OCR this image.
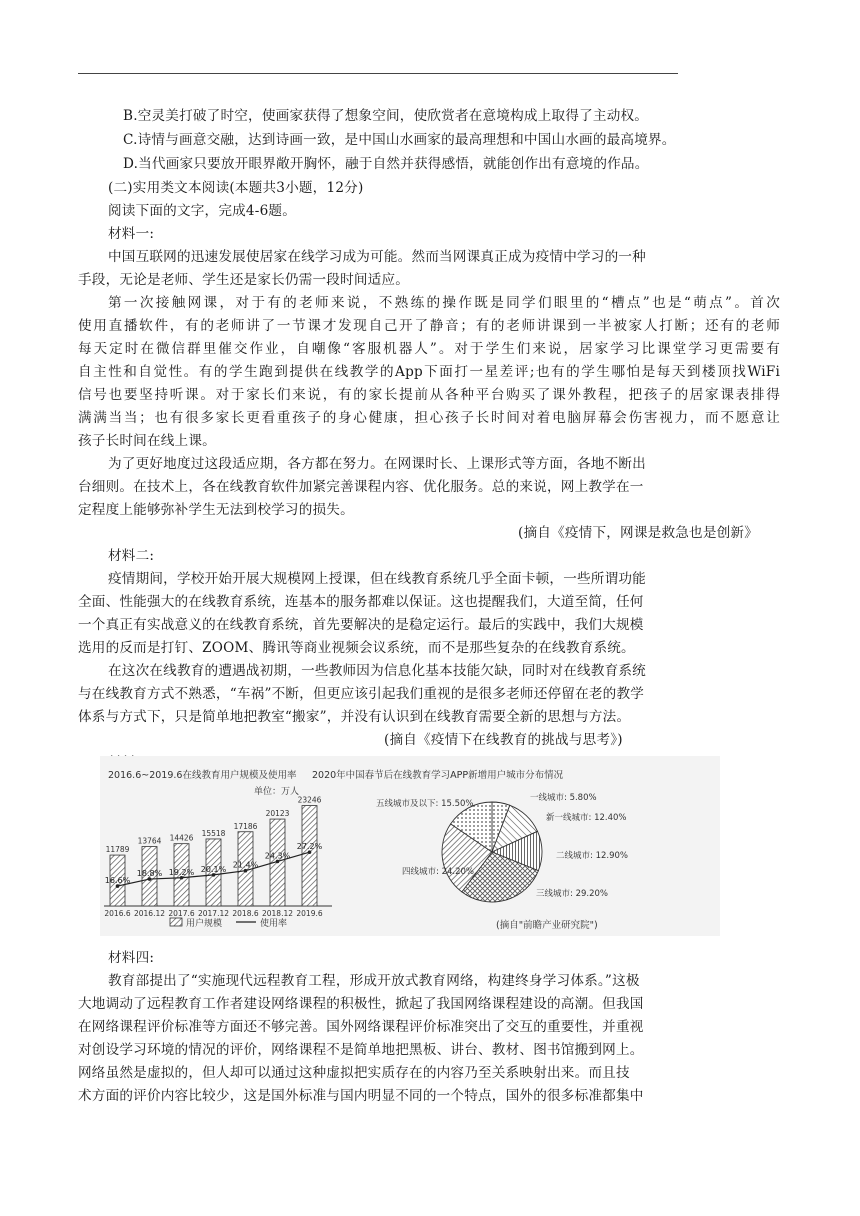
B.空灵美打破了时空，使画家获得了想象空间，使欣赏者在意境构成上取得了主动权。
C.诗情与画意交融，达到诗画一致，是中国山水画家的最高理想和中国山水画的最高境界。
D.当代画家只要放开眼界敞开胸怀，融于自然并获得感悟，就能创作出有意境的作品。
(二)实用类文本阅读(本题共3小题，12分)
阅读下面的文字，完成4-6题。
材料一:
中国互联网的迅速发展使居家在线学习成为可能。然而当网课真正成为疫情中学习的一种
手段，无论是老师、学生还是家长仍需一段时间适应。
第一次接触网课，对于有的老师来说，不熟练的操作既是同学们眼里的“槽点”也是“萌点”。首次
使用直播软件，有的老师讲了一节课才发现自己开了静音；有的老师讲课到一半被家人打断；还有的老师
每天定时在微信群里催交作业，自嘲像“客服机器人”。对于学生们来说，居家学习比课堂学习更需要有
自主性和自觉性。有的学生跑到提供在线教学的App下面打一星差评;也有的学生哪怕是每天到楼顶找WiFi
信号也要坚持听课。对于家长们来说，有的家长提前从各种平台购买了课外教程，把孩子的居家课表排得
满满当当；也有很多家长更看重孩子的身心健康，担心孩子长时间对着电脑屏幕会伤害视力，而不愿意让
孩子长时间在线上课。
为了更好地度过这段适应期，各方都在努力。在网课时长、上课形式等方面，各地不断出
台细则。在技术上，各在线教育软件加紧完善课程内容、优化服务。总的来说，网上教学在一
定程度上能够弥补学生无法到校学习的损失。
(摘自《疫情下，网课是救急也是创新》
材料二:
疫情期间，学校开始开展大规模网上授课，但在线教育系统几乎全面卡顿，一些所谓功能
全面、性能强大的在线教育系统，连基本的服务都难以保证。这也提醒我们，大道至简，任何
一个真正有实战意义的在线教育系统，首先要解决的是稳定运行。最后的实践中，我们大规模
选用的反而是打钉、ZOOM、腾讯等商业视频会议系统，而不是那些复杂的在线教育系统。
在这次在线教育的遭遇战初期，一些教师因为信息化基本技能欠缺，同时对在线教育系统
与在线教育方式不熟悉，“车祸”不断，但更应该引起我们重视的是很多老师还停留在老的教学
体系与方式下，只是简单地把教室“搬家”，并没有认识到在线教育需要全新的思想与方法。
(摘自《疫情下在线教育的挑战与思考》)
材料四:
教育部提出了“实施现代远程教育工程，形成开放式教育网络，构建终身学习体系。”这极
大地调动了远程教育工作者建设网络课程的积极性，掀起了我国网络课程建设的高潮。但我国
在网络课程评价标准等方面还不够完善。国外网络课程评价标准突出了交互的重要性，并重视
对创设学习环境的情况的评价，网络课程不是简单地把黑板、讲台、教材、图书馆搬到网上。
网络虽然是虚拟的，但人却可以通过这种虚拟把实质存在的内容乃至关系映射出来。而且技
术方面的评价内容比较少，这是国外标准与国内明显不同的一个特点，国外的很多标准都集中
2016.6~2019.6在线教育用户规模及使用率
单位：万人
11789
13764 14426
15518
17186
20123
23246
16.6%
18.8% 19.2% 20.1% 21.4%
24.3%
27.2%
2016.6 2016.12 2017.6 2017.12 2018.6 2018.12 2019.6
用户规模	使用率
2020年中国春节后在线教育学习APP新增用户城市分布情况
一线城市: 5.80%
新一线城市: 12.40%
二线城市: 12.90%
三线城市: 29.20%
四线城市: 24.20%
五线城市及以下: 15.50%
(摘自"前瞻产业研究院")
